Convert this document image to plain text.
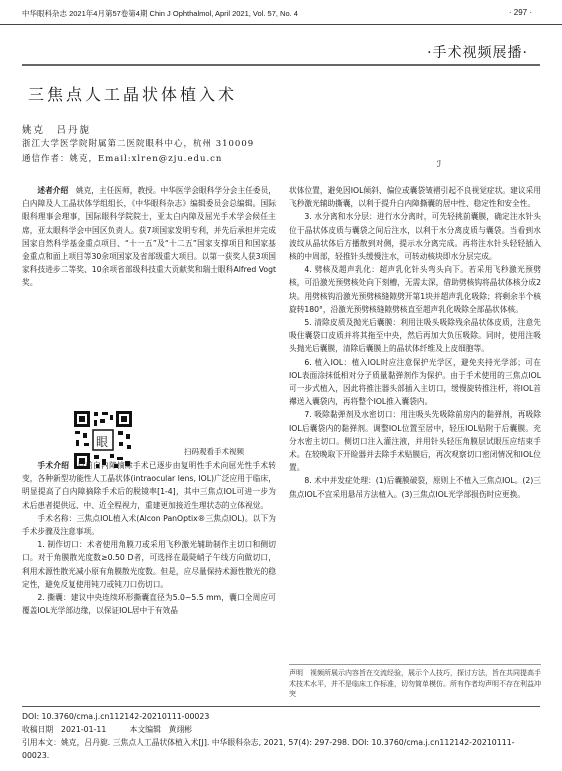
中华眼科杂志 2021年4月第57卷第4期 Chin J Ophthalmol, April 2021, Vol. 57, No. 4	· 297 ·
·手术视频展播·
三焦点人工晶状体植入术
姚克　吕丹旎
浙江大学医学院附属第二医院眼科中心，杭州 310009
通信作者：姚克，Email:xlren@zju.edu.cn
ℐ

述者介绍　 姚克，主任医师，教授。中华医学会眼科学分会主任委员，白内障及人工晶状体学组组长，《中华眼科杂志》编辑委员会总编辑。国际眼科理事会理事，国际眼科学院院士，亚太白内障及屈光手术学会候任主席，亚太眼科学会中国区负责人。获7项国家发明专利，并先后承担并完成国家自然科学基金重点项目、“十一五”及“十二五”国家支撑项目和国家基金重点和面上项目等30余项国家及省部级重大项目。以第一获奖人获3项国家科技进步二等奖、10余项省部级科技重大贡献奖和瑞士眼科Alfred Vogt奖。

眼
扫码观看手术视频

手术介绍　 目前白内障摘除手术已逐步由复明性手术向屈光性手术转变，各种新型功能性人工晶状体(intraocular lens, IOL)广泛应用于临床，明显提高了白内障摘除手术后的脱镜率[1-4]，其中三焦点IOL可进一步为术后患者提供远、中、近全程视力，重建更加接近生理状态的立体视觉。

手术名称：三焦点IOL植入术(Alcon PanOptix®三焦点IOL)。以下为手术步骤及注意事项。

1. 制作切口：术者使用角膜刀或采用飞秒激光辅助制作主切口和侧切口。对于角膜散光度数≥0.50 D者，可选择在最陡峭子午线方向做切口，利用术源性散光减小原有角膜散光度数。但是，应尽量保持术源性散光的稳定性，避免反复使用钝刀或钝刀口伤切口。

2. 撕囊：建议中央连续环形撕囊直径为5.0~5.5 mm，囊口全周应可覆盖IOL光学部边缘，以保证IOL居中于有效晶

状体位置，避免因IOL倾斜、偏位或囊袋皱褶引起不良视觉症状。建议采用飞秒激光辅助撕囊，以利于提升白内障撕囊的居中性、稳定性和安全性。

3. 水分离和水分层：进行水分离时，可先轻挑前囊膜，确定注水针头位于晶状体皮质与囊袋之间后注水，以利于水分离皮质与囊袋。当看到水波纹从晶状体后方播散到对侧，提示水分离完成。再将注水针头轻轻插入核的中周部，轻推针头缓慢注水，可转动核块即水分层完成。

4. 劈核及超声乳化：超声乳化针头弯头向下。若采用飞秒激光预劈核，可沿激光预劈核处向下刻槽，无需太深，借助劈核钩将晶状体核分成2块。用劈核钩沿激光预劈核缝隙劈开第1块并超声乳化吸除；将剩余半个核旋转180°，沿激光预劈核缝隙劈核直至超声乳化吸除全部晶状体核。

5. 清除皮质及抛光后囊膜：利用注吸头吸除残余晶状体皮质，注意先吸住囊袋口皮质并将其拖至中央，然后再加大负压吸除。同时，使用注吸头抛光后囊膜，清除后囊膜上的晶状体纤维及上皮细胞等。

6. 植入IOL：植入IOL时应注意保护光学区，避免夹持光学部；可在IOL表面涂抹低相对分子质量黏弹剂作为保护。由于手术使用的三焦点IOL可一步式植入，因此将推注器头部插入主切口，缓慢旋转推注杆，将IOL首襻送入囊袋内，再将整个IOL推入囊袋内。

7. 吸除黏弹剂及水密切口：用注吸头先吸除前房内的黏弹剂，再吸除IOL后囊袋内的黏弹剂。调整IOL位置至居中，轻压IOL贴附于后囊膜。充分水密主切口。侧切口注入灌注液，并用针头轻压角膜层试眼压应结束手术。在较晚取下开睑器并去除手术贴膜后，再次观察切口密闭情况和IOL位置。

8. 术中并发症处理：(1)后囊膜破裂，原则上不植入三焦点IOL。(2)三焦点IOL不宜采用悬吊方法植入。(3)三焦点IOL光学部损伤时应更换。

声明　视频所展示内容旨在交流经验，展示个人技巧，探讨方法，旨在共同提高手术技术水平，并不是临床工作标准，切勿简单模仿。所有作者均声明不存在利益冲突
DOI: 10.3760/cma.j.cn112142-20210111-00023
收稿日期　2021-01-11　　　本文编辑　黄翊彬
引用本文：姚克，吕丹旎. 三焦点人工晶状体植入术[J]. 中华眼科杂志, 2021, 57(4): 297-298. DOI: 10.3760/cma.j.cn112142-20210111-00023.
